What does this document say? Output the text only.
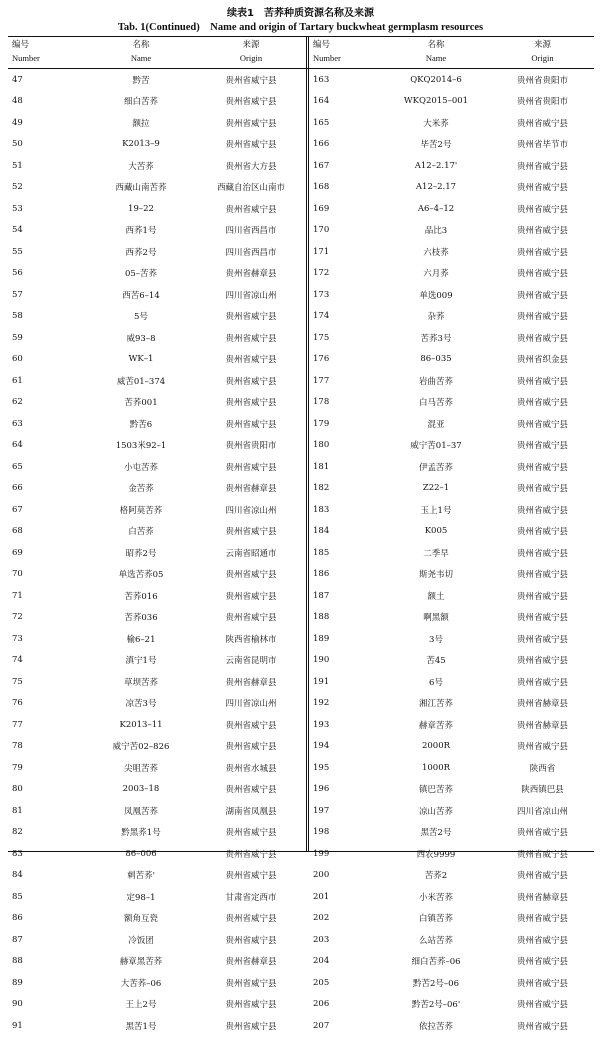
续表1　苦荞种质资源名称及来源
Tab. 1(Continued)　Name and origin of Tartary buckwheat germplasm resources
编号
Number
名称
Name
来源
Origin
47	黔苦	贵州省威宁县
48	细白苦荞	贵州省威宁县
49	额拉	贵州省威宁县
50	K2013–9	贵州省威宁县
51	大苦荞	贵州省大方县
52	西藏山南苦荞	西藏自治区山南市
53	19–22	贵州省威宁县
54	西荞1号	四川省西昌市
55	西荞2号	四川省西昌市
56	05–苦荞	贵州省赫章县
57	西苦6–14	四川省凉山州
58	5号	贵州省威宁县
59	威93–8	贵州省威宁县
60	WK–1	贵州省威宁县
61	威苦01–374	贵州省威宁县
62	苦荞001	贵州省威宁县
63	黔苦6	贵州省威宁县
64	1503米92–1	贵州省贵阳市
65	小屯苦荞	贵州省威宁县
66	金苦荞	贵州省赫章县
67	格阿莫苦荞	四川省凉山州
68	白苦荞	贵州省威宁县
69	昭荞2号	云南省昭通市
70	单选苦荞05	贵州省威宁县
71	苦荞016	贵州省威宁县
72	苦荞036	贵州省威宁县
73	榆6–21	陕西省榆林市
74	滇宁1号	云南省昆明市
75	草坝苦荞	贵州省赫章县
76	凉苦3号	四川省凉山州
77	K2013–11	贵州省威宁县
78	威宁苦02–826	贵州省威宁县
79	尖咀苦荞	贵州省水城县
80	2003–18	贵州省威宁县
81	凤凰苦荞	湖南省凤凰县
82	黔黑荞1号	贵州省威宁县
83	86–006	贵州省威宁县
84	刺苦荞'	贵州省威宁县
85	定98–1	甘肃省定西市
86	额角互瓷	贵州省威宁县
87	冷饭团	贵州省威宁县
88	赫章黑苦荞	贵州省赫章县
89	大苦荞–06	贵州省威宁县
90	王上2号	贵州省威宁县
91	黑苦1号	贵州省威宁县
编号
Number
名称
Name
来源
Origin
163	QKQ2014–6	贵州省贵阳市
164	WKQ2015–001	贵州省贵阳市
165	大米荞	贵州省威宁县
166	毕苦2号	贵州省毕节市
167	A12–2.17'	贵州省威宁县
168	A12–2.17	贵州省威宁县
169	A6–4–12	贵州省威宁县
170	品比3	贵州省威宁县
171	六枝荞	贵州省威宁县
172	六月荞	贵州省威宁县
173	单选009	贵州省威宁县
174	杂荞	贵州省威宁县
175	苦荞3号	贵州省威宁县
176	86–035	贵州省织金县
177	岩曲苦荞	贵州省威宁县
178	白马苦荞	贵州省威宁县
179	混亚	贵州省威宁县
180	威宁苦01–37	贵州省威宁县
181	伊孟苦荞	贵州省威宁县
182	Z22–1	贵州省威宁县
183	玉上1号	贵州省威宁县
184	K005	贵州省威宁县
185	二季早	贵州省威宁县
186	斯尧韦切	贵州省威宁县
187	额土	贵州省威宁县
188	啊黑额	贵州省威宁县
189	3号	贵州省威宁县
190	苦45	贵州省威宁县
191	6号	贵州省威宁县
192	湘江苦荞	贵州省赫章县
193	赫章苦荞	贵州省赫章县
194	2000R	贵州省威宁县
195	1000R	陕西省
196	镇巴苦荞	陕西镇巴县
197	凉山苦荞	四川省凉山州
198	黑苦2号	贵州省威宁县
199	西农9999	贵州省威宁县
200	苦荞2	贵州省威宁县
201	小米苦荞	贵州省赫章县
202	白镇苦荞	贵州省威宁县
203	么站苦荞	贵州省威宁县
204	细白苦荞–06	贵州省威宁县
205	黔苦2号–06	贵州省威宁县
206	黔苦2号–06'	贵州省威宁县
207	依拉苦荞	贵州省威宁县
